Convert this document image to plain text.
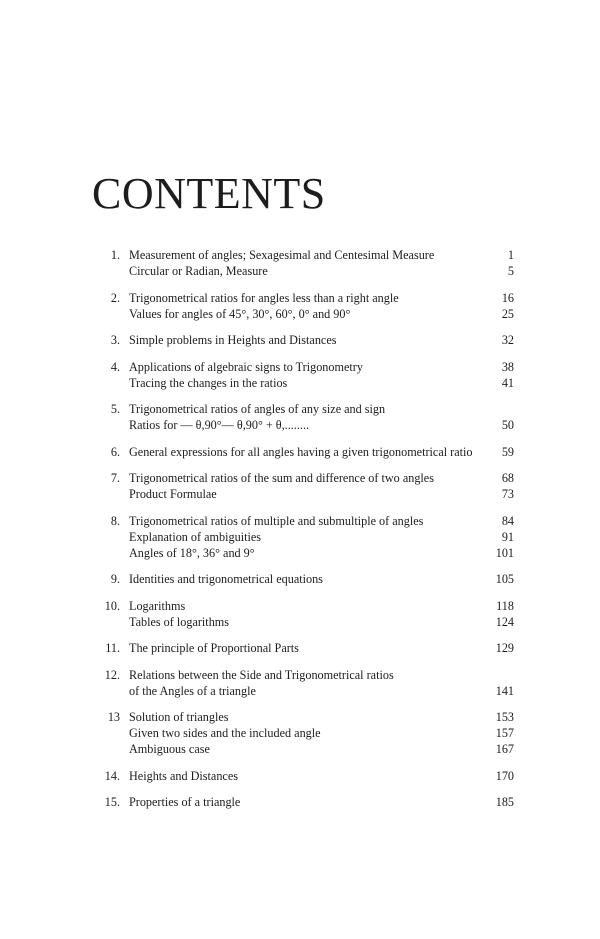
CONTENTS
1. Measurement of angles; Sexagesimal and Centesimal Measure	1
Circular or Radian, Measure	5
2. Trigonometrical ratios for angles less than a right angle	16
Values for angles of 45°, 30°, 60°, 0° and 90°	25
3. Simple problems in Heights and Distances	32
4. Applications of algebraic signs to Trigonometry	38
Tracing the changes in the ratios	41
5. Trigonometrical ratios of angles of any size and sign
Ratios for — θ,90°— θ,90° + θ,........	50
6. General expressions for all angles having a given trigonometrical ratio 59
7. Trigonometrical ratios of the sum and difference of two angles	68
Product Formulae	73
8. Trigonometrical ratios of multiple and submultiple of angles	84
Explanation of ambiguities	91
Angles of 18°, 36° and 9°	101
9. Identities and trigonometrical equations	105
10. Logarithms	118
Tables of logarithms	124
11. The principle of Proportional Parts	129
12. Relations between the Side and Trigonometrical ratios
of the Angles of a triangle	141
13 Solution of triangles	153
Given two sides and the included angle	157
Ambiguous case	167
14. Heights and Distances	170
15. Properties of a triangle	185
